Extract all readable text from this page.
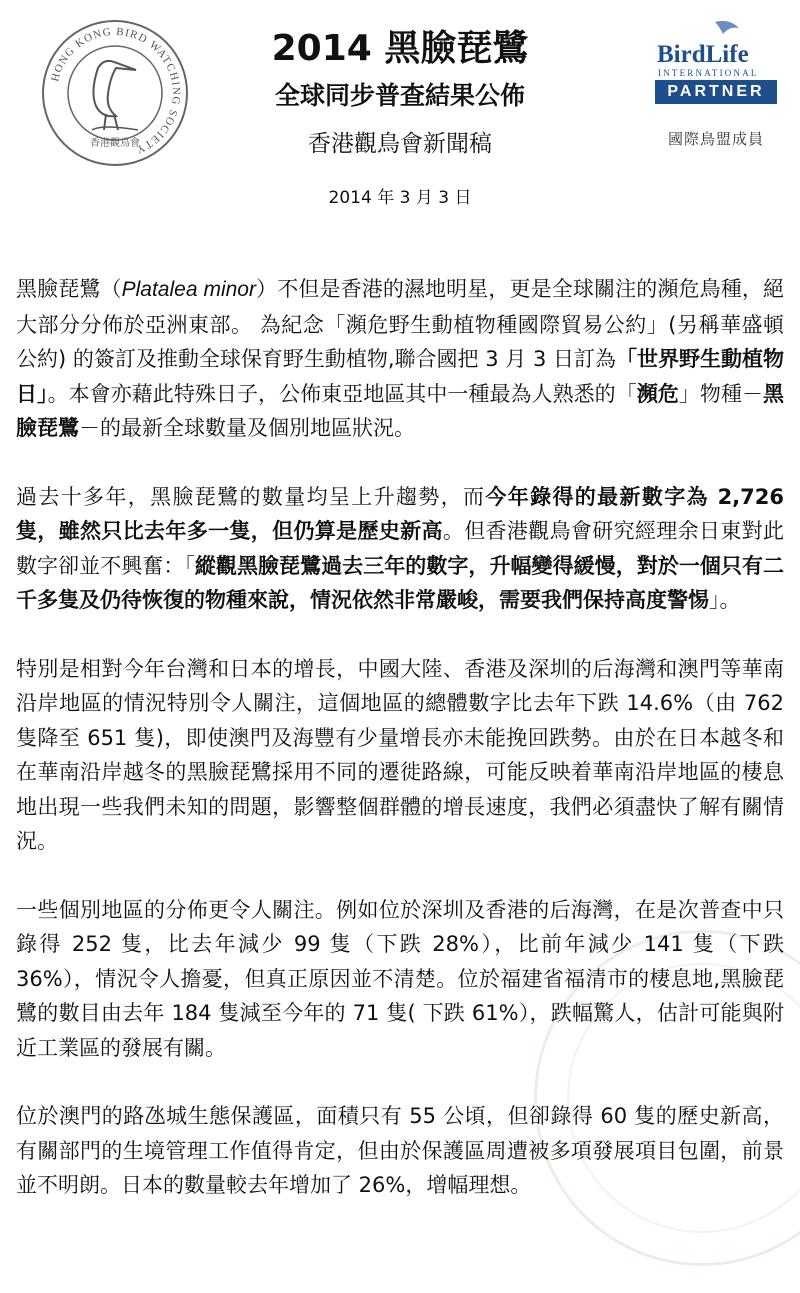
HONG KONG BIRD WATCHING SOCIETY
香港觀鳥會
BirdLife
INTERNATIONAL
PARTNER
國際鳥盟成員
2014 黑臉琵鷺
全球同步普查結果公佈
香港觀鳥會新聞稿
2014 年 3 月 3 日

黑臉琵鷺（Platalea minor）不但是香港的濕地明星，更是全球關注的瀕危鳥種，絕大部分分佈於亞洲東部。 為紀念「瀕危野生動植物種國際貿易公約」(另稱華盛頓公約) 的簽訂及推動全球保育野生動植物,聯合國把 3 月 3 日訂為「世界野生動植物日」。本會亦藉此特殊日子，公佈東亞地區其中一種最為人熟悉的「瀕危」物種－黑臉琵鷺－的最新全球數量及個別地區狀況。

過去十多年，黑臉琵鷺的數量均呈上升趨勢，而今年錄得的最新數字為 2,726 隻，雖然只比去年多一隻，但仍算是歷史新高。但香港觀鳥會研究經理余日東對此數字卻並不興奮：「縱觀黑臉琵鷺過去三年的數字，升幅變得緩慢，對於一個只有二千多隻及仍待恢復的物種來說，情況依然非常嚴峻，需要我們保持高度警惕」。

特別是相對今年台灣和日本的增長，中國大陸、香港及深圳的后海灣和澳門等華南沿岸地區的情況特別令人關注，這個地區的總體數字比去年下跌 14.6%（由 762 隻降至 651 隻)，即使澳門及海豐有少量增長亦未能挽回跌勢。由於在日本越冬和在華南沿岸越冬的黑臉琵鷺採用不同的遷徙路線，可能反映着華南沿岸地區的棲息地出現一些我們未知的問題，影響整個群體的增長速度，我們必須盡快了解有關情況。

一些個別地區的分佈更令人關注。例如位於深圳及香港的后海灣，在是次普查中只錄得 252 隻，比去年減少 99 隻（下跌 28%），比前年減少 141 隻（下跌 36%），情況令人擔憂，但真正原因並不清楚。位於福建省福清市的棲息地,黑臉琵鷺的數目由去年 184 隻減至今年的 71 隻( 下跌 61%），跌幅驚人，估計可能與附近工業區的發展有關。

位於澳門的路氹城生態保護區，面積只有 55 公頃，但卻錄得 60 隻的歷史新高，有關部門的生境管理工作值得肯定，但由於保護區周遭被多項發展項目包圍，前景並不明朗。日本的數量較去年增加了 26%，增幅理想。
